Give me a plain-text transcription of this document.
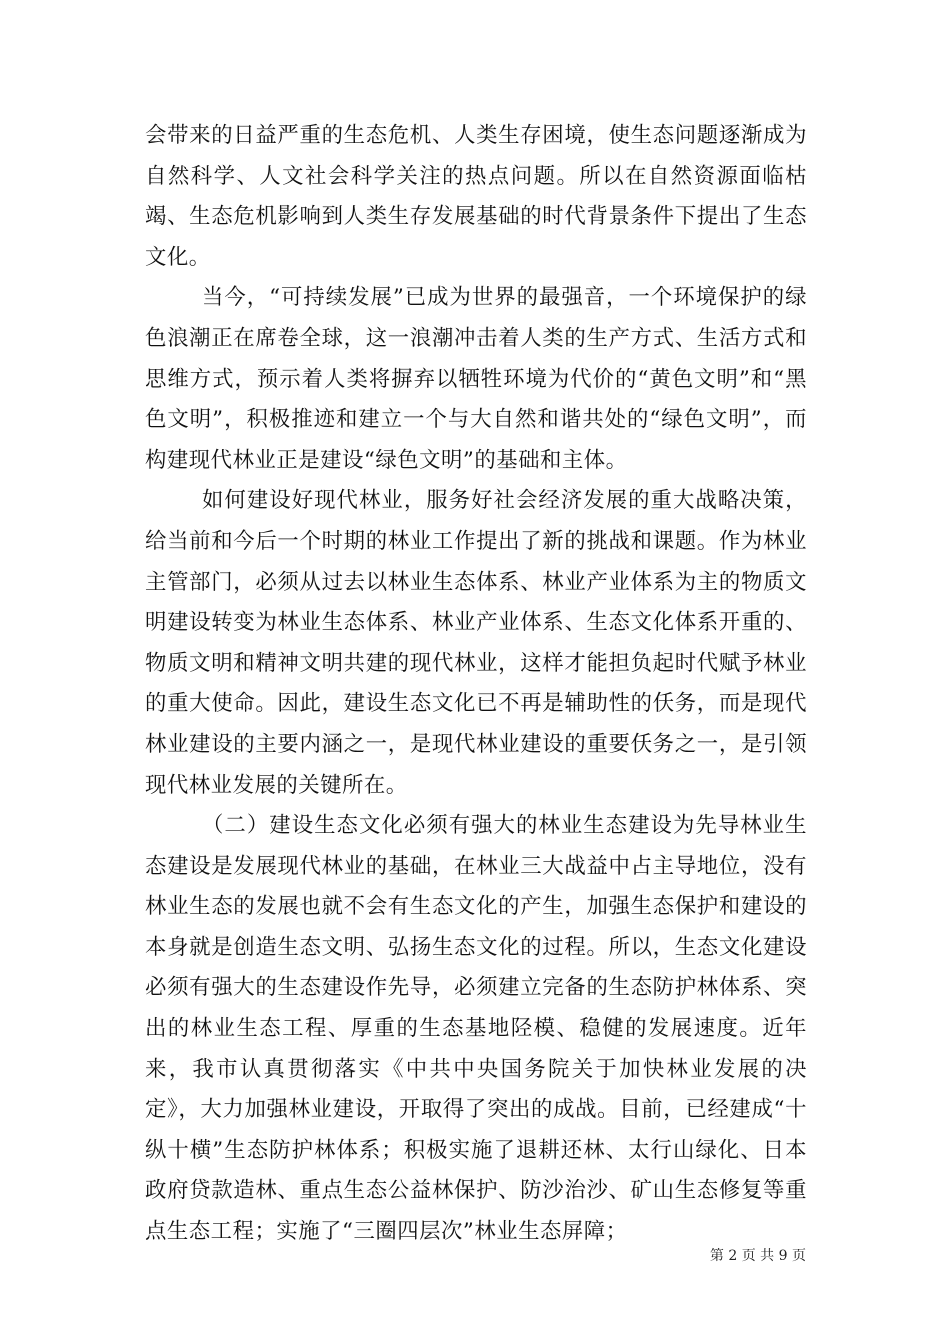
会带来的日益严重的生态危机、人类生存困境，使生态问题逐渐成为自然科学、人文社会科学关注的热点问题。所以在自然资源面临枯竭、生态危机影响到人类生存发展基础的时代背景条件下提出了生态文化。

当今，“可持续发展”已成为世界的最强音，一个环境保护的绿色浪潮正在席卷全球，这一浪潮冲击着人类的生产方式、生活方式和思维方式，预示着人类将摒弃以牺牲环境为代价的“黄色文明”和“黑色文明”，积极推迹和建立一个与大自然和谐共处的“绿色文明”，而构建现代林业正是建设“绿色文明”的基础和主体。

如何建设好现代林业，服务好社会经济发展的重大战略决策，给当前和今后一个时期的林业工作提出了新的挑战和课题。作为林业主管部门，必须从过去以林业生态体系、林业产业体系为主的物质文明建设转变为林业生态体系、林业产业体系、生态文化体系开重的、物质文明和精神文明共建的现代林业，这样才能担负起时代赋予林业的重大使命。因此，建设生态文化已不再是辅助性的仸务，而是现代林业建设的主要内涵之一，是现代林业建设的重要仸务之一，是引领现代林业发展的关键所在。

（二）建设生态文化必须有强大的林业生态建设为先导林业生态建设是发展现代林业的基础，在林业三大战益中占主导地位，没有林业生态的发展也就不会有生态文化的产生，加强生态保护和建设的本身就是创造生态文明、弘扬生态文化的过程。所以，生态文化建设必须有强大的生态建设作先导，必须建立完备的生态防护林体系、突出的林业生态工程、厚重的生态基地陉模、稳健的发展速度。近年来，我市认真贯彻落实《中共中央国务院关于加快林业发展的决定》，大力加强林业建设，开取得了突出的成战。目前，已经建成“十纵十横”生态防护林体系；积极实施了退耕还林、太行山绿化、日本政府贷款造林、重点生态公益林保护、防沙治沙、矿山生态修复等重点生态工程；实施了“三圈四层次”林业生态屏障；

第 2 页 共 9 页
